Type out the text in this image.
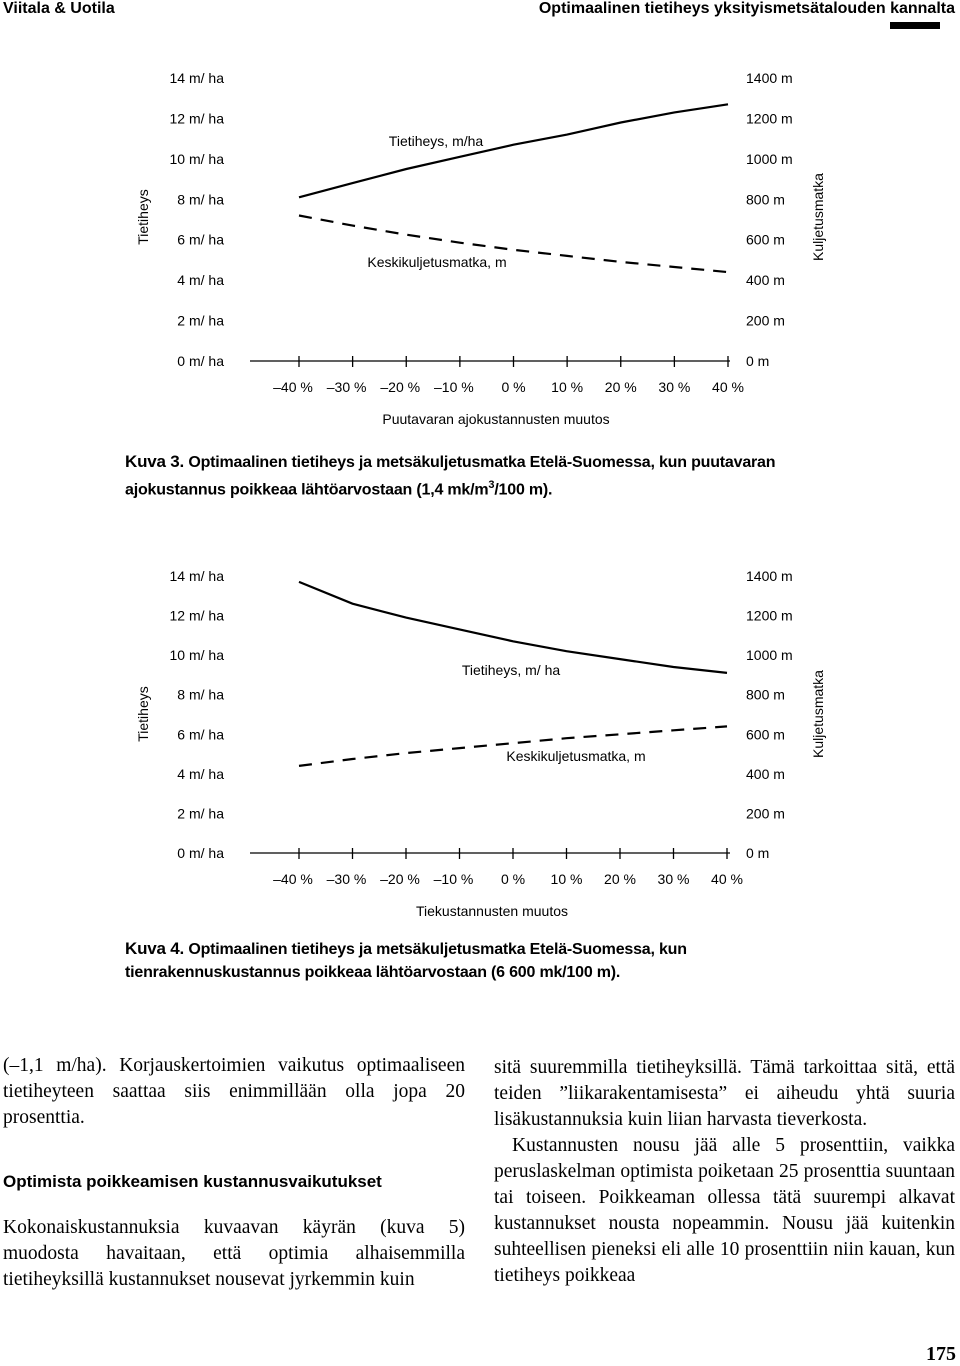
Viitala & Uotila	Optimaalinen tietiheys yksityismetsätalouden kannalta
Tietiheys	Kuljetusmatka
Puutavaran ajokustannusten muutos
Tietiheys, m/ha
Keskikuljetusmatka, m
–40 % –30 % –20 % –10 % 0 % 10 % 20 % 30 % 40 %
0 m/ ha	0 m
2 m/ ha	200 m
4 m/ ha	400 m
6 m/ ha	600 m
8 m/ ha	800 m
10 m/ ha	1000 m
12 m/ ha	1200 m
14 m/ ha	1400 m
Kuva 3. Optimaalinen tietiheys ja metsäkuljetusmatka Etelä-Suomessa, kun puutavaran ajokustannus poikkeaa lähtöarvostaan (1,4 $mk/m^3/100$ m).
Tietiheys	Kuljetusmatka
Tiekustannusten muutos
Tietiheys, m/ ha
Keskikuljetusmatka, m
–40 % –30 % –20 % –10 % 0 % 10 % 20 % 30 % 40 %
0 m/ ha	0 m
2 m/ ha	200 m
4 m/ ha	400 m
6 m/ ha	600 m
8 m/ ha	800 m
10 m/ ha	1000 m
12 m/ ha	1200 m
14 m/ ha	1400 m
Kuva 4. Optimaalinen tietiheys ja metsäkuljetusmatka Etelä-Suomessa, kun tienrakennuskustannus poikkeaa lähtöarvostaan (6 600 mk/100 m).

(–1,1 m/ha). Korjauskertoimien vaikutus optimaaliseen tietiheyteen saattaa siis enimmillään olla jopa 20 prosenttia.

Optimista poikkeamisen kustannusvaikutukset

Kokonaiskustannuksia kuvaavan käyrän (kuva 5) muodosta havaitaan, että optimia alhaisemmilla tietiheyksillä kustannukset nousevat jyrkemmin kuin

sitä suuremmilla tietiheyksillä. Tämä tarkoittaa sitä, että teiden ”liikarakentamisesta” ei aiheudu yhtä suuria lisäkustannuksia kuin liian harvasta tieverkosta.

Kustannusten nousu jää alle 5 prosenttiin, vaikka peruslaskelman optimista poiketaan 25 prosenttia suuntaan tai toiseen. Poikkeaman ollessa tätä suurempi alkavat kustannukset nousta nopeammin. Nousu jää kuitenkin suhteellisen pieneksi eli alle 10 prosenttiin niin kauan, kun tietiheys poikkeaa

175
